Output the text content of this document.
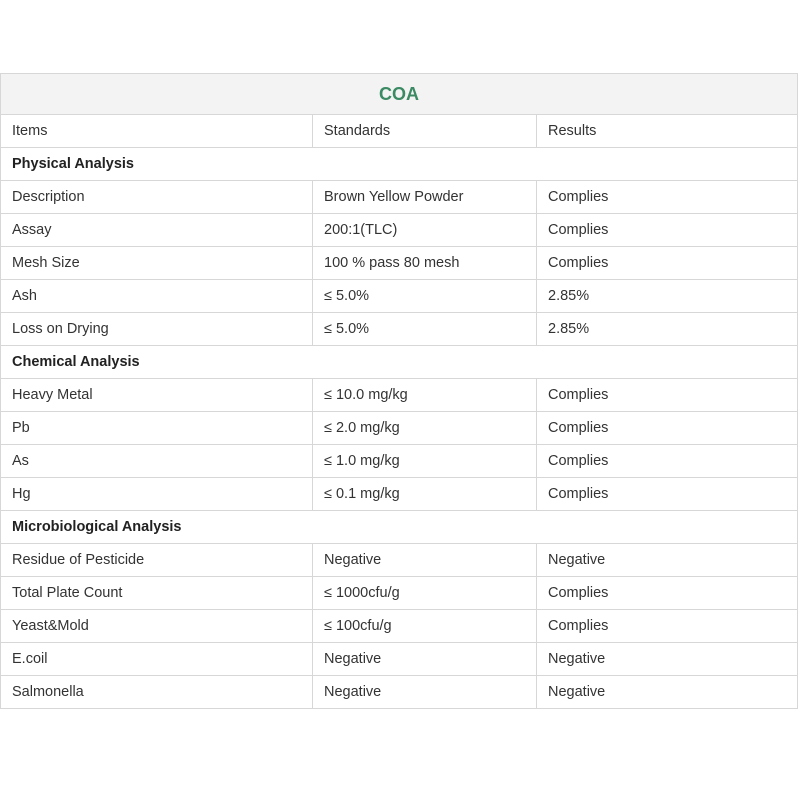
COA		
Items	Standards	Results
Physical Analysis		
Description	Brown Yellow Powder	Complies
Assay	200:1(TLC)	Complies
Mesh Size	100 % pass 80 mesh	Complies
Ash	≤ 5.0%	2.85%
Loss on Drying	≤ 5.0%	2.85%
Chemical Analysis		
Heavy Metal	≤ 10.0 mg/kg	Complies
Pb	≤ 2.0 mg/kg	Complies
As	≤ 1.0 mg/kg	Complies
Hg	≤ 0.1 mg/kg	Complies
Microbiological Analysis		
Residue of Pesticide	Negative	Negative
Total Plate Count	≤ 1000cfu/g	Complies
Yeast&Mold	≤ 100cfu/g	Complies
E.coil	Negative	Negative
Salmonella	Negative	Negative
